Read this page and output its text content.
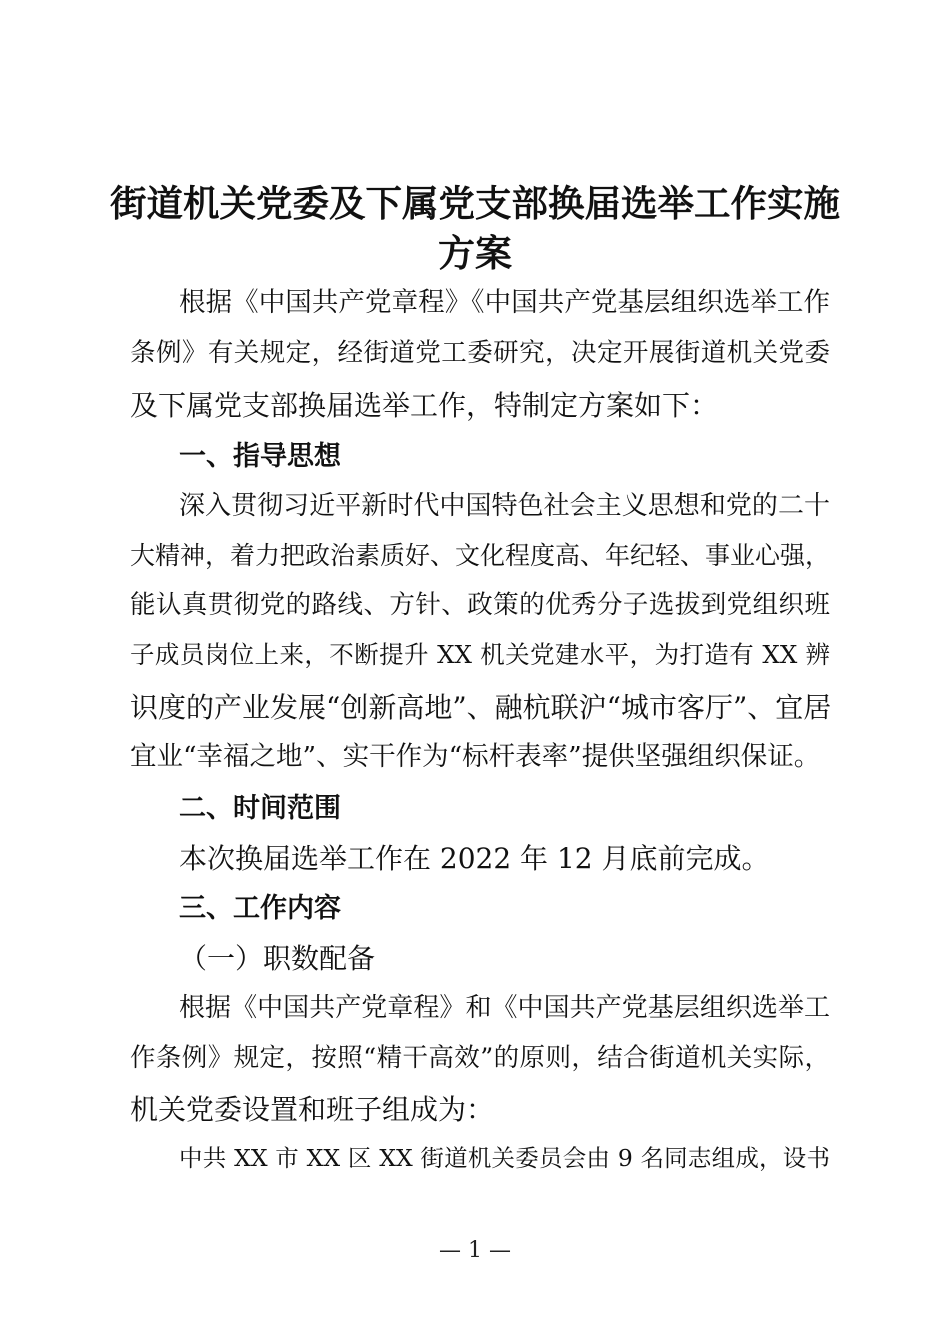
街道机关党委及下属党支部换届选举工作实施
方案
根据《中国共产党章程》《中国共产党基层组织选举工作
条例》有关规定，经街道党工委研究，决定开展街道机关党委
及下属党支部换届选举工作，特制定方案如下：
一、指导思想
深入贯彻习近平新时代中国特色社会主义思想和党的二十
大精神，着力把政治素质好、文化程度高、年纪轻、事业心强，
能认真贯彻党的路线、方针、政策的优秀分子选拔到党组织班
子成员岗位上来，不断提升 XX 机关党建水平，为打造有 XX 辨
识度的产业发展“创新高地”、融杭联沪“城市客厅”、宜居
宜业“幸福之地”、实干作为“标杆表率”提供坚强组织保证。
二、时间范围
本次换届选举工作在 2022 年 12 月底前完成。
三、工作内容
（一）职数配备
根据《中国共产党章程》和《中国共产党基层组织选举工
作条例》规定，按照“精干高效”的原则，结合街道机关实际，
机关党委设置和班子组成为：
中共 XX 市 XX 区 XX 街道机关委员会由 9 名同志组成，设书
— 1 —
